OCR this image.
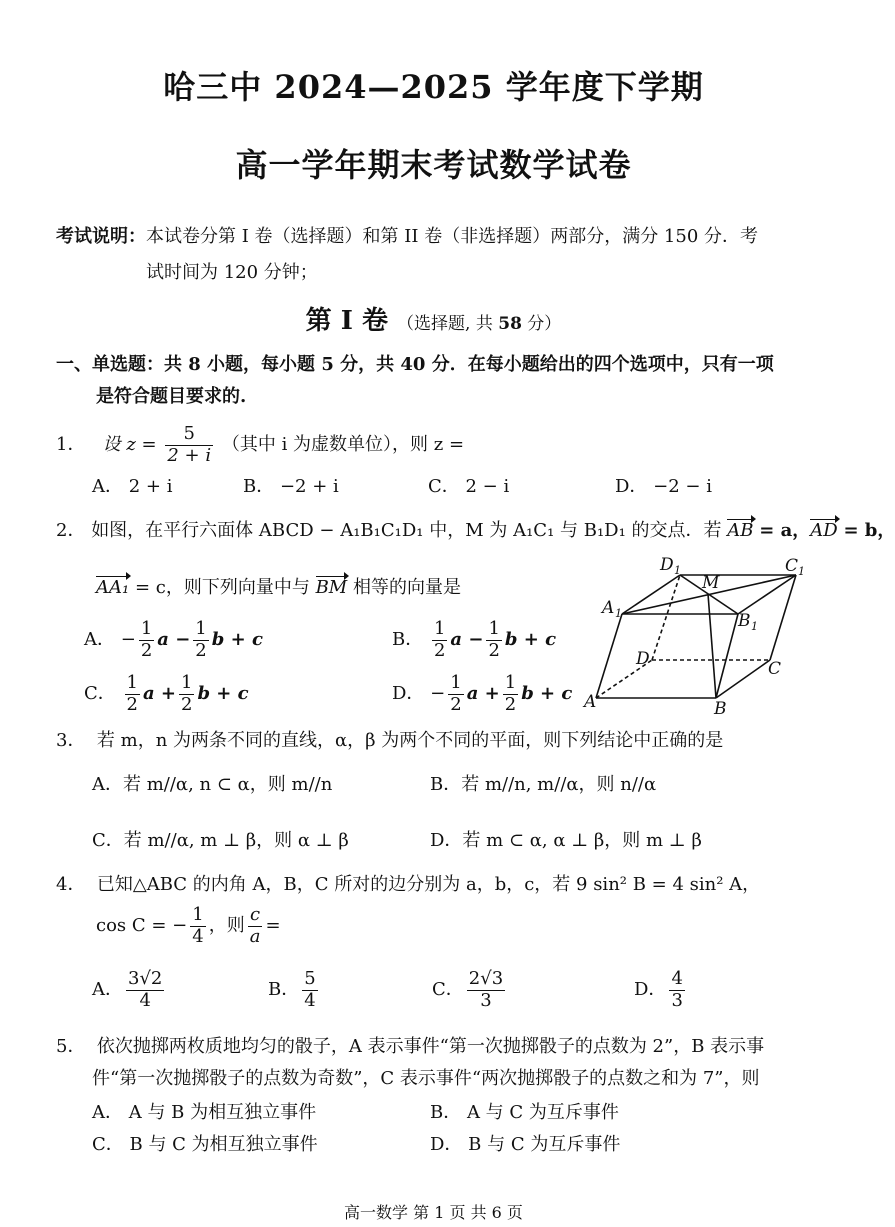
哈三中 2024—2025 学年度下学期
高一学年期末考试数学试卷
考试说明：本试卷分第 I 卷（选择题）和第 II 卷（非选择题）两部分，满分 150 分．考
试时间为 120 分钟；
第 I 卷 （选择题, 共 58 分）
一、单选题：共 8 小题，每小题 5 分，共 40 分．在每小题给出的四个选项中，只有一项
是符合题目要求的.
1． 设 $z = \frac{5}{2 + i}$ （其中 i 为虚数单位），则 z =
A． 2 + i	B． −2 + i	C． 2 − i	D． −2 − i
2． 如图，在平行六面体 ABCD − A₁B₁C₁D₁ 中，M 为 A₁C₁ 与 B₁D₁ 的交点．若 AB = a，AD = b，
AA₁ = c，则下列向量中与 BM 相等的向量是
A． − $\frac{1}{2}$ $a - \frac{1}{2}$ b + c	B． $\frac{1}{2}$ $a - \frac{1}{2}$ b + c
C． $\frac{1}{2}$ $a + \frac{1}{2}$ b + c	D． − $\frac{1}{2}$ $a + \frac{1}{2}$ b + c
D 1
M
C 1
A 1	B 1
D	C
A	B
3． 若 m，n 为两条不同的直线，α，β 为两个不同的平面，则下列结论中正确的是
A．若 m//α, n ⊂ α，则 m//n	B．若 m//n, m//α，则 n//α
C．若 m//α, m ⊥ β，则 α ⊥ β	D．若 m ⊂ α, α ⊥ β，则 m ⊥ β
4． 已知△ABC 的内角 A，B，C 所对的边分别为 a，b，c，若 9 sin² B = 4 sin² A，
cos C = − $\frac{1}{4}$ ，则 $\frac{c}{a}$ =
A． $\frac{3√2}{4}$	B． $\frac{5}{4}$	C． $\frac{2√3}{3}$	D． $\frac{4}{3}$
5． 依次抛掷两枚质地均匀的骰子，A 表示事件“第一次抛掷骰子的点数为 2”，B 表示事
件“第一次抛掷骰子的点数为奇数”，C 表示事件“两次抛掷骰子的点数之和为 7”，则
A． A 与 B 为相互独立事件	B． A 与 C 为互斥事件
C． B 与 C 为相互独立事件	D． B 与 C 为互斥事件
高一数学 第 1 页 共 6 页
